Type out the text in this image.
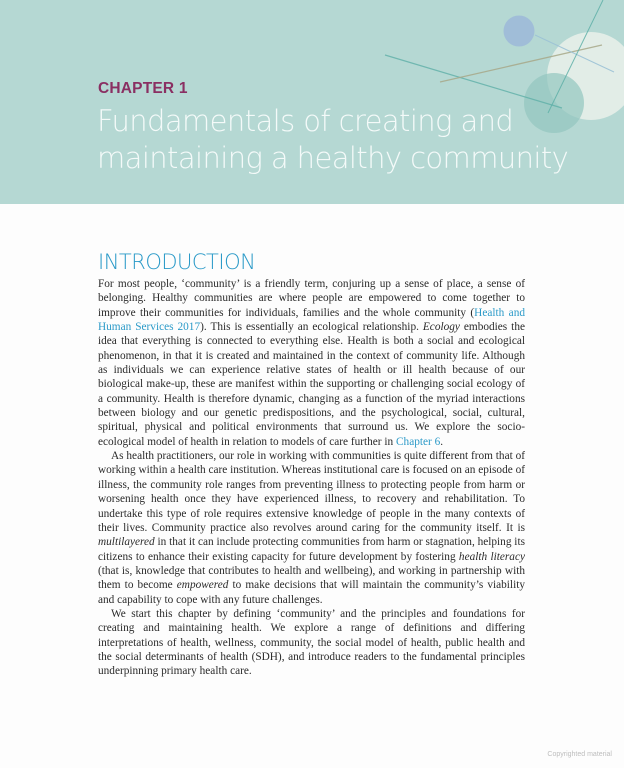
CHAPTER 1
Fundamentals of creating and
maintaining a healthy community
INTRODUCTION

For most people, ‘community’ is a friendly term, conjuring up a sense of place, a sense of belonging. Healthy communities are where people are empowered to come together to improve their communities for individuals, families and the whole community (Health and Human Services 2017). This is essentially an ecological relationship. Ecology embodies the idea that everything is connected to everything else. Health is both a social and ecological phenomenon, in that it is created and maintained in the context of community life. Although as individuals we can experience relative states of health or ill health because of our biological make-up, these are manifest within the supporting or challenging social ecology of a community. Health is therefore dynamic, changing as a function of the myriad interactions between biology and our genetic predispositions, and the psychological, social, cultural, spiritual, physical and political environments that surround us. We explore the socio-ecological model of health in relation to models of care further in Chapter 6.

As health practitioners, our role in working with communities is quite different from that of working within a health care institution. Whereas institutional care is focused on an episode of illness, the community role ranges from preventing illness to protecting people from harm or worsening health once they have experienced illness, to recovery and rehabilitation. To undertake this type of role requires extensive knowledge of people in the many contexts of their lives. Community practice also revolves around caring for the community itself. It is multilayered in that it can include protecting communities from harm or stagnation, helping its citizens to enhance their existing capacity for future development by fostering health literacy (that is, knowledge that contributes to health and wellbeing), and working in partnership with them to become empowered to make decisions that will maintain the community’s viability and capability to cope with any future challenges.

We start this chapter by defining ‘community’ and the principles and foundations for creating and maintaining health. We explore a range of definitions and differing interpretations of health, wellness, community, the social model of health, public health and the social determinants of health (SDH), and introduce readers to the fundamental principles underpinning primary health care.

Copyrighted material
